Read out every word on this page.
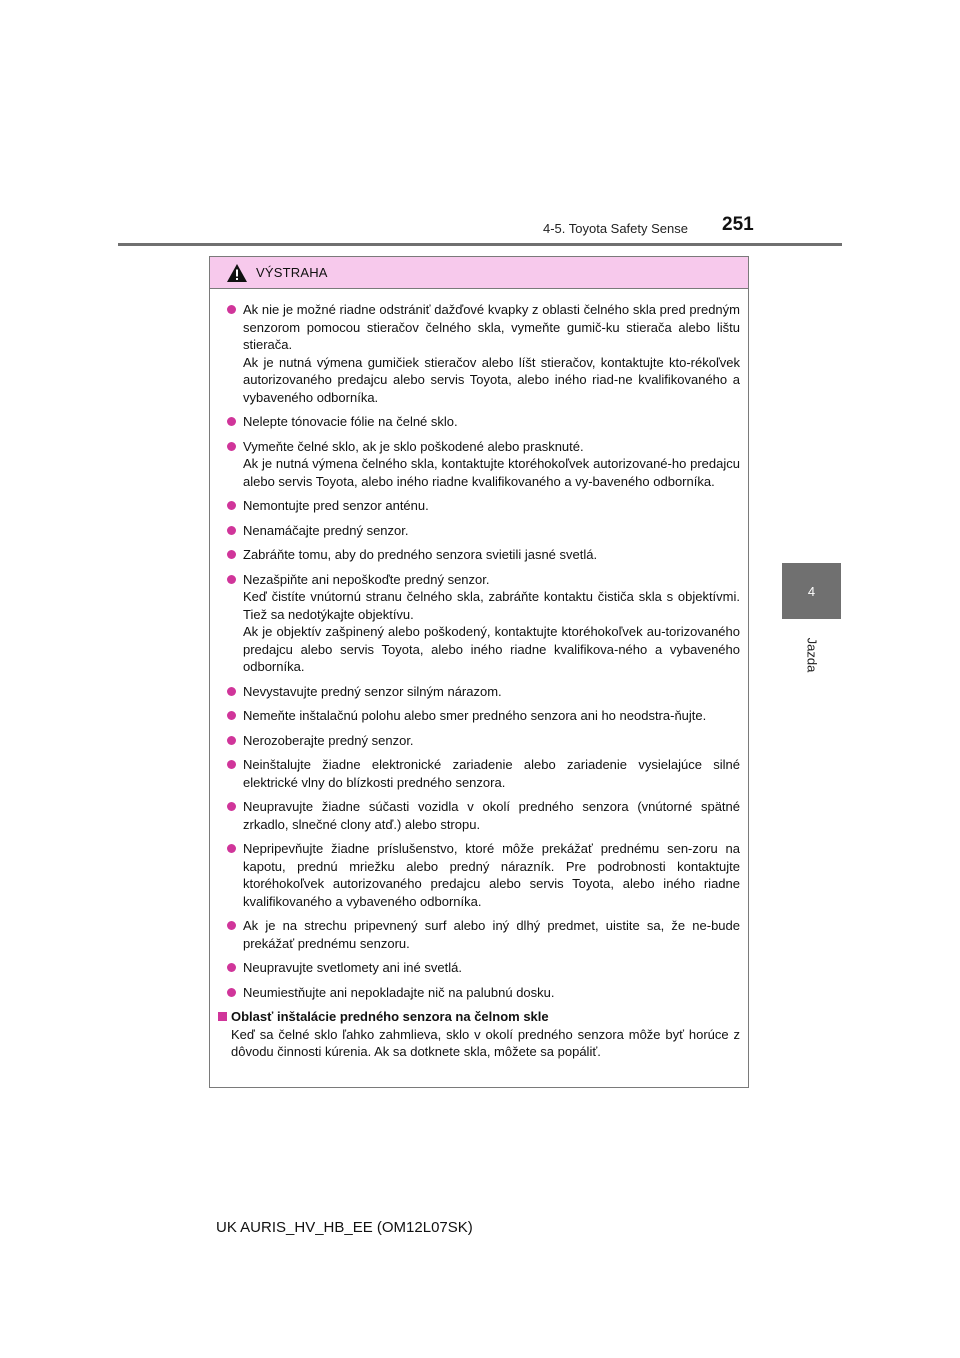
4-5. Toyota Safety Sense 251
4
Jazda
VÝSTRAHA
Ak nie je možné riadne odstrániť dažďové kvapky z oblasti čelného skla pred predným senzorom pomocou stieračov čelného skla, vymeňte gumič-ku stierača alebo lištu stierača.
Ak je nutná výmena gumičiek stieračov alebo líšt stieračov, kontaktujte kto-rékoľvek autorizovaného predajcu alebo servis Toyota, alebo iného riad-ne kvalifikovaného a vybaveného odborníka.
Nelepte tónovacie fólie na čelné sklo.
Vymeňte čelné sklo, ak je sklo poškodené alebo prasknuté.
Ak je nutná výmena čelného skla, kontaktujte ktoréhokoľvek autorizované-ho predajcu alebo servis Toyota, alebo iného riadne kvalifikovaného a vy-baveného odborníka.
Nemontujte pred senzor anténu.
Nenamáčajte predný senzor.
Zabráňte tomu, aby do predného senzora svietili jasné svetlá.
Nezašpiňte ani nepoškoďte predný senzor.
Keď čistíte vnútornú stranu čelného skla, zabráňte kontaktu čističa skla s objektívmi. Tiež sa nedotýkajte objektívu.
Ak je objektív zašpinený alebo poškodený, kontaktujte ktoréhokoľvek au-torizovaného predajcu alebo servis Toyota, alebo iného riadne kvalifikova-ného a vybaveného odborníka.
Nevystavujte predný senzor silným nárazom.
Nemeňte inštalačnú polohu alebo smer predného senzora ani ho neodstra-ňujte.
Nerozoberajte predný senzor.
Neinštalujte žiadne elektronické zariadenie alebo zariadenie vysielajúce silné elektrické vlny do blízkosti predného senzora.
Neupravujte žiadne súčasti vozidla v okolí predného senzora (vnútorné spätné zrkadlo, slnečné clony atď.) alebo stropu.
Nepripevňujte žiadne príslušenstvo, ktoré môže prekážať prednému sen-zoru na kapotu, prednú mriežku alebo predný nárazník. Pre podrobnosti kontaktujte ktoréhokoľvek autorizovaného predajcu alebo servis Toyota, alebo iného riadne kvalifikovaného a vybaveného odborníka.
Ak je na strechu pripevnený surf alebo iný dlhý predmet, uistite sa, že ne-bude prekážať prednému senzoru.
Neupravujte svetlomety ani iné svetlá.
Neumiestňujte ani nepokladajte nič na palubnú dosku.
Oblasť inštalácie predného senzora na čelnom skle
Keď sa čelné sklo ľahko zahmlieva, sklo v okolí predného senzora môže byť horúce z dôvodu činnosti kúrenia. Ak sa dotknete skla, môžete sa popáliť.
UK AURIS_HV_HB_EE (OM12L07SK)
